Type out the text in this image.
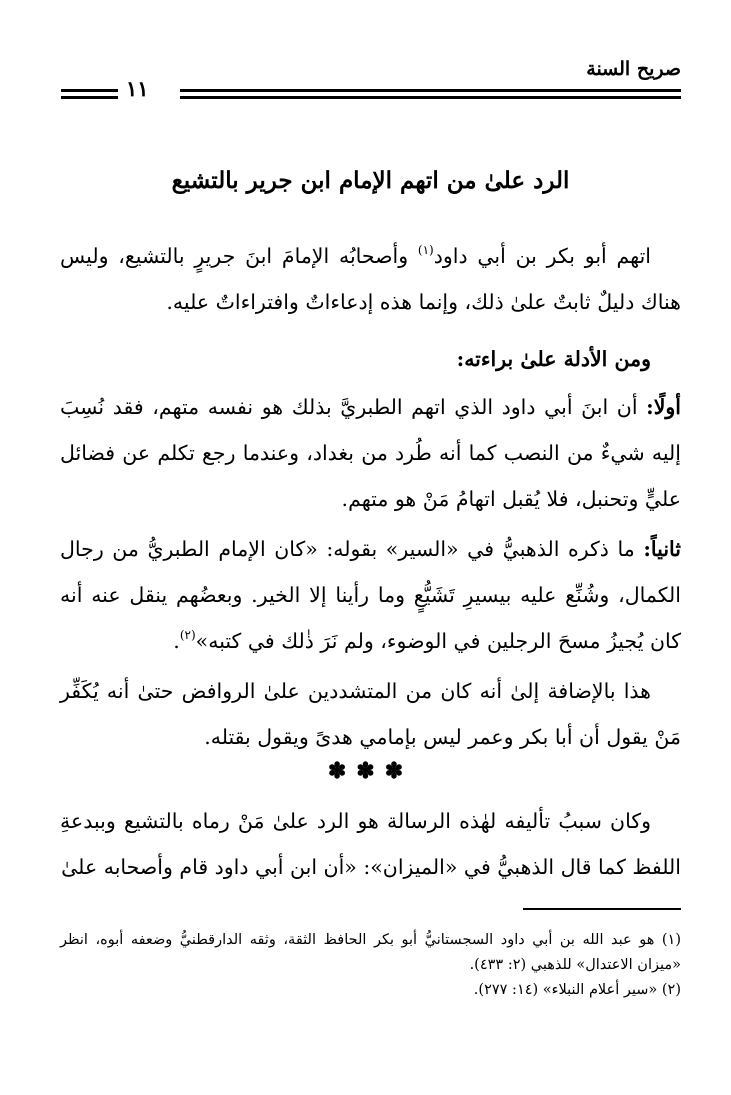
صريح السنة
١١
الرد علىٰ من اتهم الإمام ابن جرير بالتشيع

اتهم أبو بكر بن أبي داود$^{(١)}$ وأصحابُه الإمامَ ابنَ جريرٍ بالتشيع، وليس هناك دليلٌ ثابتٌ علىٰ ذلك، وإنما هذه إدعاءاتٌ وافتراءاتٌ عليه.

ومن الأدلة علىٰ براءته:

أولًا: أن ابنَ أبي داود الذي اتهم الطبريَّ بذلك هو نفسه متهم، فقد نُسِبَ إليه شيءٌ من النصب كما أنه طُرد من بغداد، وعندما رجع تكلم عن فضائل عليٍّ وتحنبل، فلا يُقبل اتهامُ مَنْ هو متهم.

ثانياً: ما ذكره الذهبيُّ في «السير» بقوله: «كان الإمام الطبريُّ من رجال الكمال، وشُنِّع عليه بيسيرِ تَشَيُّعٍ وما رأينا إلا الخير. وبعضُهم ينقل عنه أنه كان يُجيزُ مسحَ الرجلين في الوضوء، ولم نَرَ ذٰلك في كتبه»$^{(٢)}$.

هذا بالإضافة إلىٰ أنه كان من المتشددين علىٰ الروافض حتىٰ أنه يُكَفِّر مَنْ يقول أن أبا بكر وعمر ليس بإمامي هدىً ويقول بقتله.

✽✽✽

وكان سببُ تأليفه لهٰذه الرسالة هو الرد علىٰ مَنْ رماه بالتشيع وببدعةِ اللفظ كما قال الذهبيُّ في «الميزان»: «أن ابن أبي داود قام وأصحابه علىٰ

(١) هو عبد الله بن أبي داود السجستانيُّ أبو بكر الحافظ الثقة، وثقه الدارقطنيُّ وضعفه أبوه، انظر «ميزان الاعتدال» للذهبي (٢: ٤٣٣).

(٢) «سير أعلام النبلاء» (١٤: ٢٧٧).
